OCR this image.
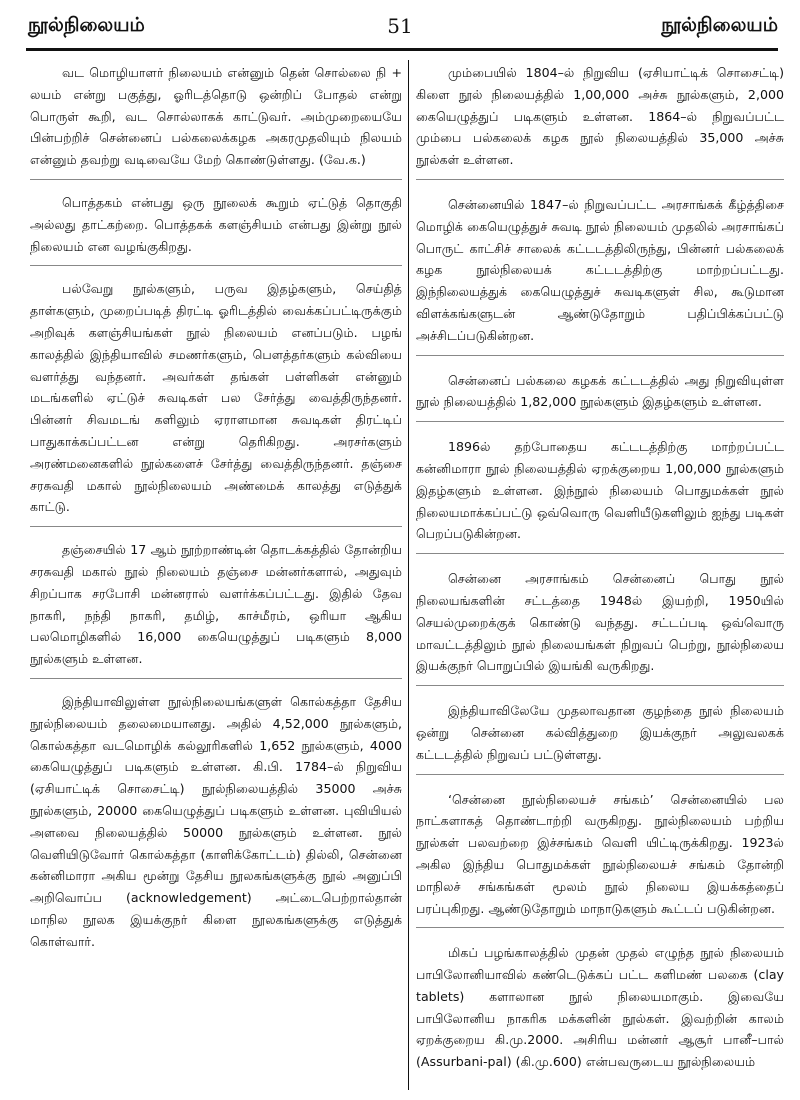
நூல்நிலையம்	51	நூல்நிலையம்

வட மொழியாளர் நிலையம் என்னும் தென் சொல்லை நி + லயம் என்று பகுத்து, ஓரிடத்தொடு ஒன்றிப் போதல் என்று பொருள் கூறி, வட சொல்லாகக் காட்டுவர். அம்முறையையே பின்பற்றிச் சென்னைப் பல்கலைக்கழக அகரமுதலியும் நிலயம் என்னும் தவற்று வடிவையே மேற் கொண்டுள்ளது. (வே.க.)

பொத்தகம் என்பது ஒரு நூலைக் கூறும் ஏட்டுத் தொகுதி அல்லது தாட்கற்றை. பொத்தகக் களஞ்சியம் என்பது இன்று நூல் நிலையம் என வழங்குகிறது.

பல்வேறு நூல்களும், பருவ இதழ்களும், செய்தித் தாள்களும், முறைப்படித் திரட்டி ஓரிடத்தில் வைக்கப்பட்டிருக்கும் அறிவுக் களஞ்சியங்கள் நூல் நிலையம் எனப்படும். பழங் காலத்தில் இந்தியாவில் சமணர்களும், பௌத்தர்களும் கல்வியை வளர்த்து வந்தனர். அவர்கள் தங்கள் பள்ளிகள் என்னும் மடங்களில் ஏட்டுச் சுவடிகள் பல சேர்த்து வைத்திருந்தனர். பின்னர் சிவமடங் களிலும் ஏராளமான சுவடிகள் திரட்டிப் பாதுகாக்கப்பட்டன என்று தெரிகிறது. அரசர்களும் அரண்மனைகளில் நூல்களைச் சேர்த்து வைத்திருந்தனர். தஞ்சை சரசுவதி மகால் நூல்நிலையம் அண்மைக் காலத்து எடுத்துக் காட்டு.

தஞ்சையில் 17 ஆம் நூற்றாண்டின் தொடக்கத்தில் தோன்றிய சரசுவதி மகால் நூல் நிலையம் தஞ்சை மன்னர்களால், அதுவும் சிறப்பாக சரபோசி மன்னரால் வளர்க்கப்பட்டது. இதில் தேவ நாகரி, நந்தி நாகரி, தமிழ், காச்மீரம், ஒரியா ஆகிய பலமொழிகளில் 16,000 கையெழுத்துப் படிகளும் 8,000 நூல்களும் உள்ளன.

இந்தியாவிலுள்ள நூல்நிலையங்களுள் கொல்கத்தா தேசிய நூல்நிலையம் தலைமையானது. அதில் 4,52,000 நூல்களும், கொல்கத்தா வடமொழிக் கல்லூரிகளில் 1,652 நூல்களும், 4000 கையெழுத்துப் படிகளும் உள்ளன. கி.பி. 1784–ல் நிறுவிய (ஏசியாட்டிக் சொசைட்டி) நூல்நிலையத்தில் 35000 அச்சு நூல்களும், 20000 கையெழுத்துப் படிகளும் உள்ளன. புவியியல் அளவை நிலையத்தில் 50000 நூல்களும் உள்ளன. நூல் வெளியிடுவோர் கொல்கத்தா (காளிக்கோட்டம்) தில்லி, சென்னை கன்னிமாரா அகிய மூன்று தேசிய நூலகங்களுக்கு நூல் அனுப்பி அறிவொப்ப (acknowledgement) அட்டைபெற்றால்தான் மாநில நூலக இயக்குநர் கிளை நூலகங்களுக்கு எடுத்துக் கொள்வார்.

மும்பையில் 1804–ல் நிறுவிய (ஏசியாட்டிக் சொசைட்டி) கிளை நூல் நிலையத்தில் 1,00,000 அச்சு நூல்களும், 2,000 கையெழுத்துப் படிகளும் உள்ளன. 1864–ல் நிறுவப்பட்ட மும்பை பல்கலைக் கழக நூல் நிலையத்தில் 35,000 அச்சு நூல்கள் உள்ளன.

சென்னையில் 1847–ல் நிறுவப்பட்ட அரசாங்கக் கீழ்த்திசை மொழிக் கையெழுத்துச் சுவடி நூல் நிலையம் முதலில் அரசாங்கப் பொருட் காட்சிச் சாலைக் கட்டடத்திலிருந்து, பின்னர் பல்கலைக் கழக நூல்நிலையக் கட்டடத்திற்கு மாற்றப்பட்டது. இந்நிலையத்துக் கையெழுத்துச் சுவடிகளுள் சில, கூடுமான விளக்கங்களுடன் ஆண்டுதோறும் பதிப்பிக்கப்பட்டு அச்சிடப்படுகின்றன.

சென்னைப் பல்கலை கழகக் கட்டடத்தில் அது நிறுவியுள்ள நூல் நிலையத்தில் 1,82,000 நூல்களும் இதழ்களும் உள்ளன.

1896ல் தற்போதைய கட்டடத்திற்கு மாற்றப்பட்ட கன்னிமாரா நூல் நிலையத்தில் ஏறக்குறைய 1,00,000 நூல்களும் இதழ்களும் உள்ளன. இந்நூல் நிலையம் பொதுமக்கள் நூல் நிலையமாக்கப்பட்டு ஒவ்வொரு வெளியீடுகளிலும் ஐந்து படிகள் பெறப்படுகின்றன.

சென்னை அரசாங்கம் சென்னைப் பொது நூல் நிலையங்களின் சட்டத்தை 1948ல் இயற்றி, 1950யில் செயல்முறைக்குக் கொண்டு வந்தது. சட்டப்படி ஒவ்வொரு மாவட்டத்திலும் நூல் நிலையங்கள் நிறுவப் பெற்று, நூல்நிலைய இயக்குநர் பொறுப்பில் இயங்கி வருகிறது.

இந்தியாவிலேயே முதலாவதான குழந்தை நூல் நிலையம் ஒன்று சென்னை கல்வித்துறை இயக்குநர் அலுவலகக் கட்டடத்தில் நிறுவப் பட்டுள்ளது.

‘சென்னை நூல்நிலையச் சங்கம்’ சென்னையில் பல நாட்களாகத் தொண்டாற்றி வருகிறது. நூல்நிலையம் பற்றிய நூல்கள் பலவற்றை இச்சங்கம் வெளி யிட்டிருக்கிறது. 1923ல் அகில இந்திய பொதுமக்கள் நூல்நிலையச் சங்கம் தோன்றி மாநிலச் சங்கங்கள் மூலம் நூல் நிலைய இயக்கத்தைப் பரப்புகிறது. ஆண்டுதோறும் மாநாடுகளும் கூட்டப் படுகின்றன.

மிகப் பழங்காலத்தில் முதன் முதல் எழுந்த நூல் நிலையம் பாபிலோனியாவில் கண்டெடுக்கப் பட்ட களிமண் பலகை (clay tablets) களாலான நூல் நிலையமாகும். இவையே பாபிலோனிய நாகரிக மக்களின் நூல்கள். இவற்றின் காலம் ஏறக்குறைய கி.மு.2000. அசிரிய மன்னர் ஆசூர் பானீ–பால் (Assurbani-pal) (கி.மு.600) என்பவருடைய நூல்நிலையம்
